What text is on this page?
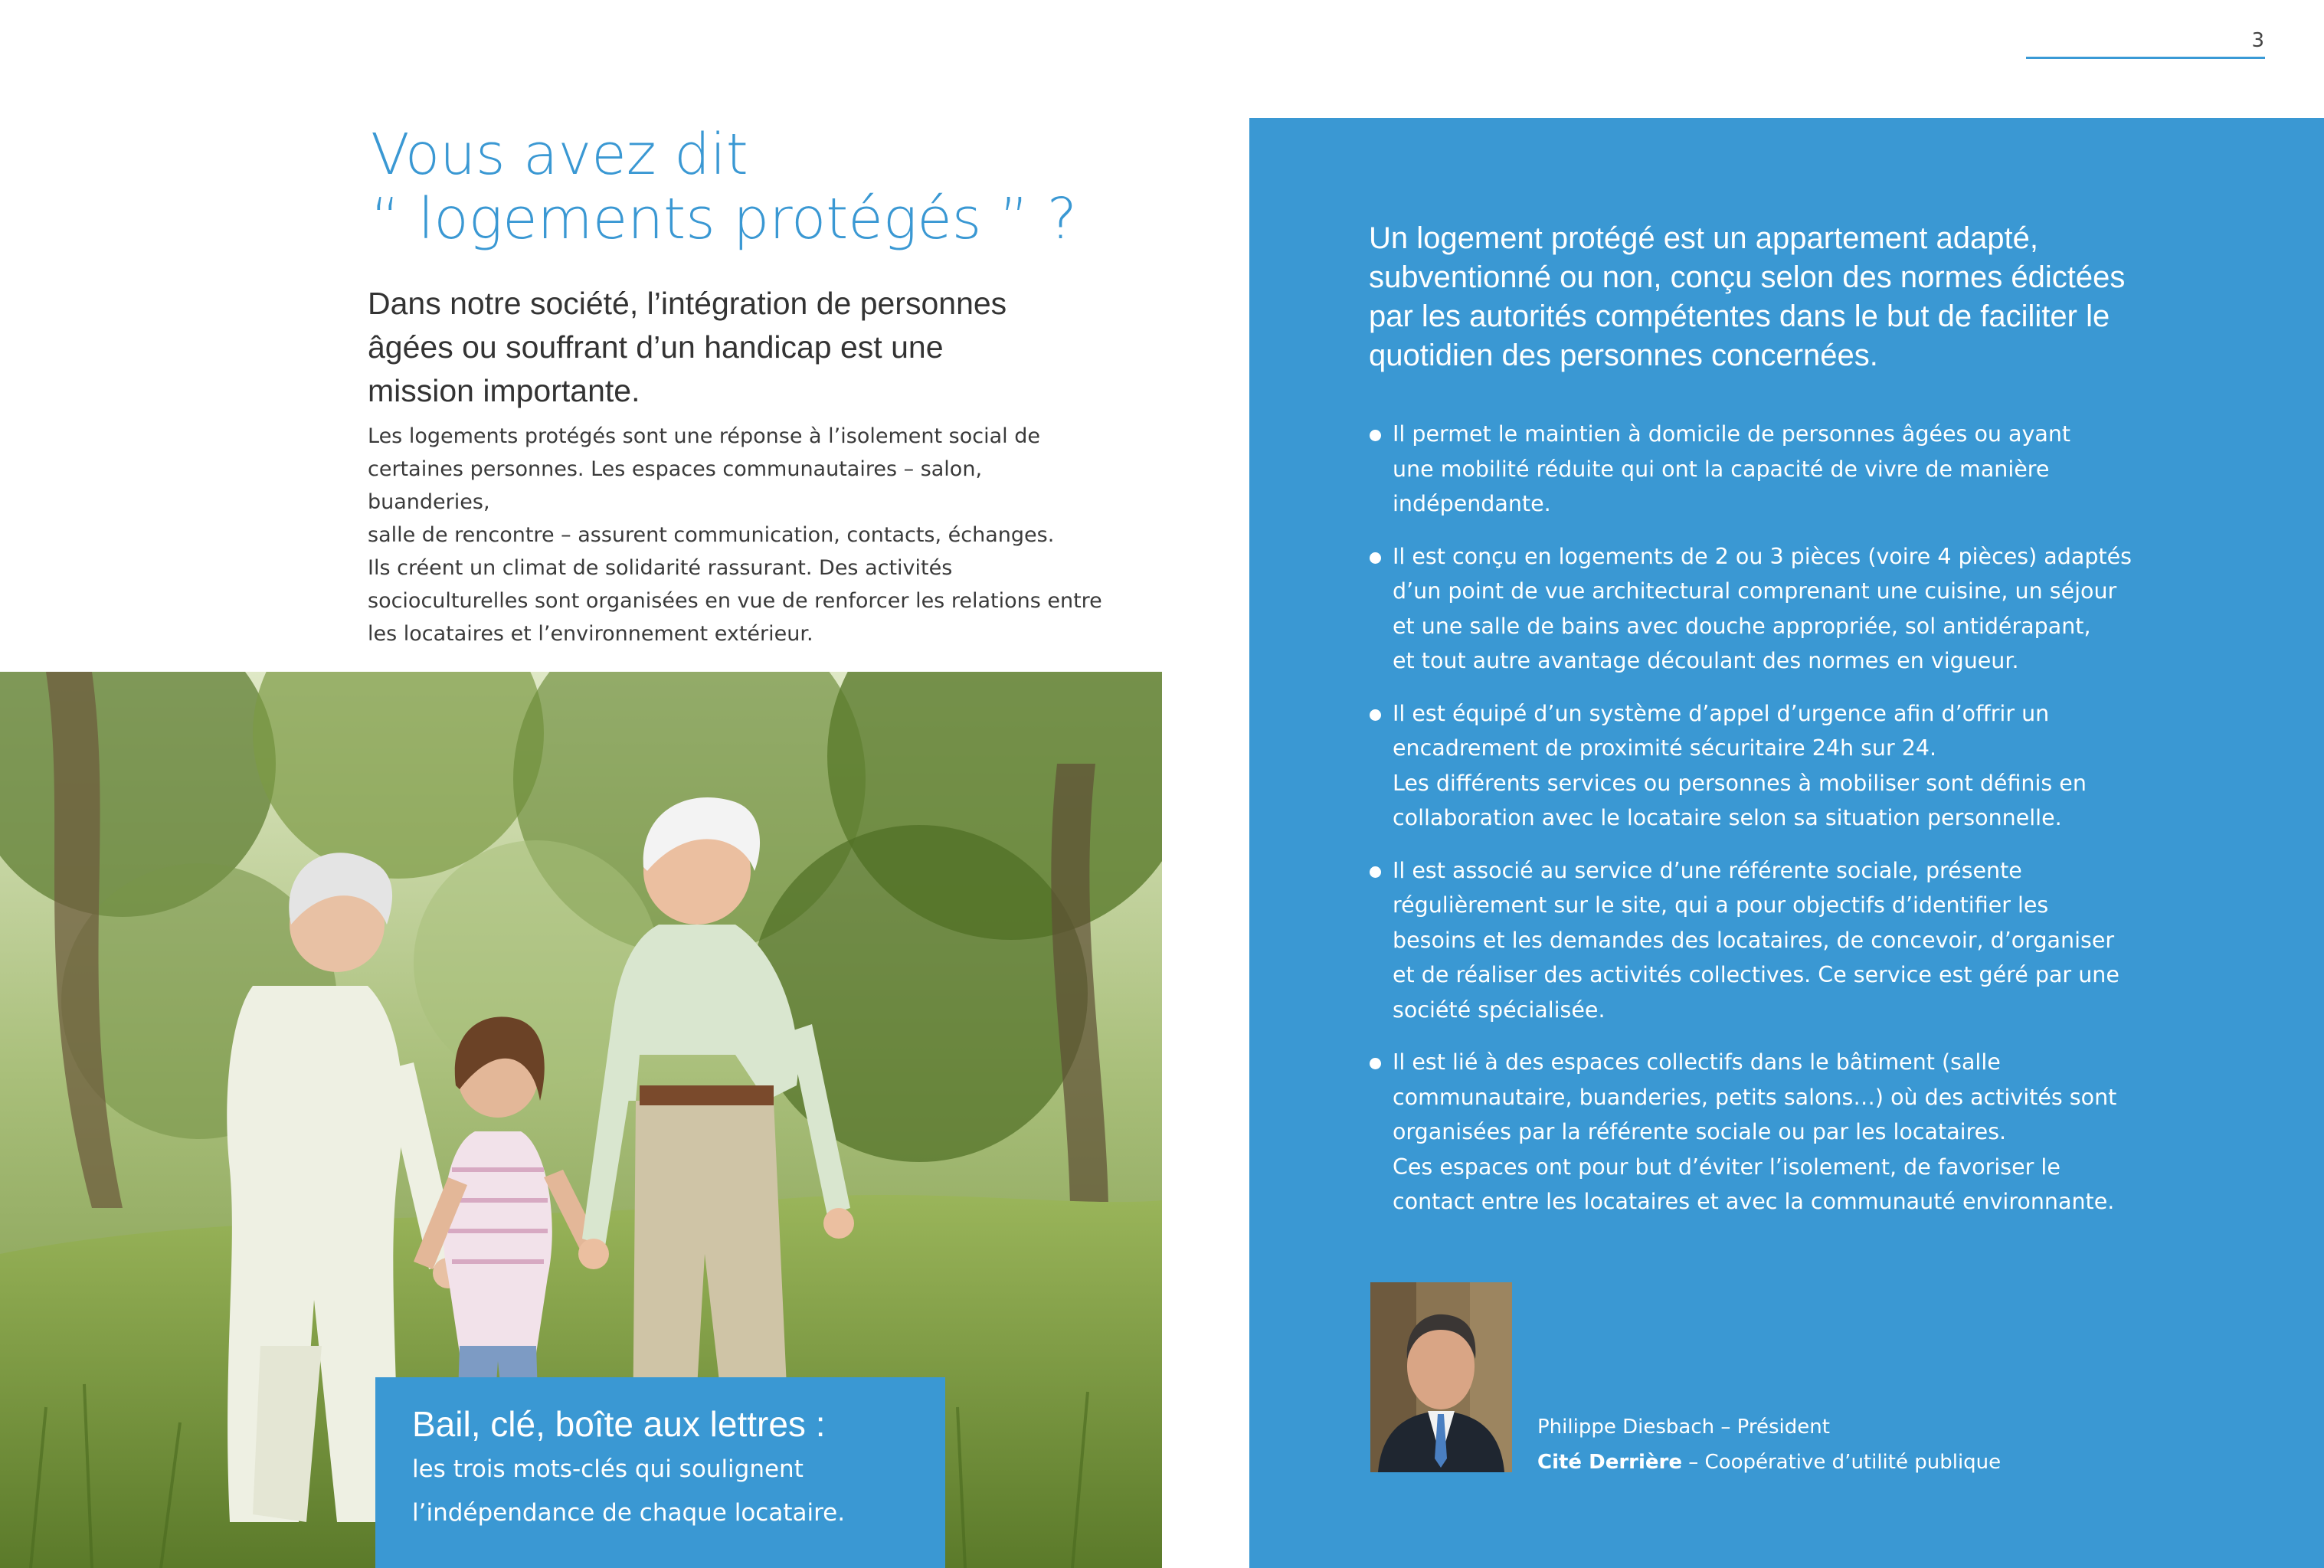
3
Vous avez dit
“ logements protégés ” ?

Dans notre société, l’intégration de personnes âgées ou souffrant d’un handicap est une mission importante.

Les logements protégés sont une réponse à l’isolement social de
certaines personnes. Les espaces communautaires – salon, buanderies,
salle de rencontre – assurent communication, contacts, échanges.
Ils créent un climat de solidarité rassurant. Des activités
socioculturelles sont organisées en vue de renforcer les relations entre
les locataires et l’environnement extérieur.

Bail, clé, boîte aux lettres :

les trois mots-clés qui soulignent

l’indépendance de chaque locataire.

Un logement protégé est un appartement adapté,
subventionné ou non, conçu selon des normes édictées
par les autorités compétentes dans le but de faciliter le
quotidien des personnes concernées.

Il permet le maintien à domicile de personnes âgées ou ayant
une mobilité réduite qui ont la capacité de vivre de manière
indépendante.
Il est conçu en logements de 2 ou 3 pièces (voire 4 pièces) adaptés
d’un point de vue architectural comprenant une cuisine, un séjour
et une salle de bains avec douche appropriée, sol antidérapant,
et tout autre avantage découlant des normes en vigueur.
Il est équipé d’un système d’appel d’urgence afin d’offrir un
encadrement de proximité sécuritaire 24h sur 24.
Les différents services ou personnes à mobiliser sont définis en
collaboration avec le locataire selon sa situation personnelle.
Il est associé au service d’une référente sociale, présente
régulièrement sur le site, qui a pour objectifs d’identifier les
besoins et les demandes des locataires, de concevoir, d’organiser
et de réaliser des activités collectives. Ce service est géré par une
société spécialisée.
Il est lié à des espaces collectifs dans le bâtiment (salle
communautaire, buanderies, petits salons…) où des activités sont
organisées par la référente sociale ou par les locataires.
Ces espaces ont pour but d’éviter l’isolement, de favoriser le
contact entre les locataires et avec la communauté environnante.
Philippe Diesbach – Président
Cité Derrière – Coopérative d’utilité publique
